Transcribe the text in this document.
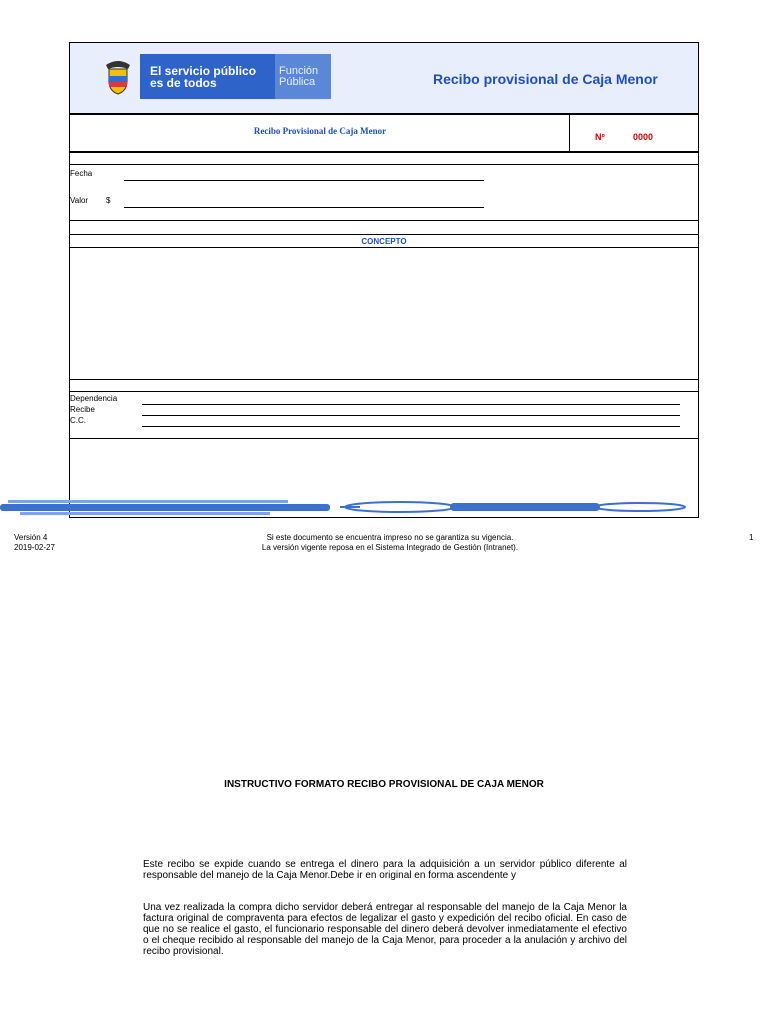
El servicio público
es de todos
Función
Pública	Recibo provisional de Caja Menor
Recibo Provisional de Caja Menor
Nº	0000
Fecha
Valor $
CONCEPTO
Dependencia
Recibe
C.C.
Versión 4
2019-02-27
Si este documento se encuentra impreso no se garantiza su vigencia.
La versión vigente reposa en el Sistema Integrado de Gestión (Intranet).
1
INSTRUCTIVO FORMATO RECIBO PROVISIONAL DE CAJA MENOR
Este recibo se expide cuando se entrega el dinero para la adquisición a un servidor público diferente al responsable del manejo de la Caja Menor.Debe ir en original en forma ascendente y
Una vez realizada la compra dicho servidor deberá entregar al responsable del manejo de la Caja Menor la factura original de compraventa para efectos de legalizar el gasto y expedición del recibo oficial. En caso de que no se realice el gasto, el funcionario responsable del dinero deberá devolver inmediatamente el efectivo o el cheque recibido al responsable del manejo de la Caja Menor, para proceder a la anulación y archivo del recibo provisional.
